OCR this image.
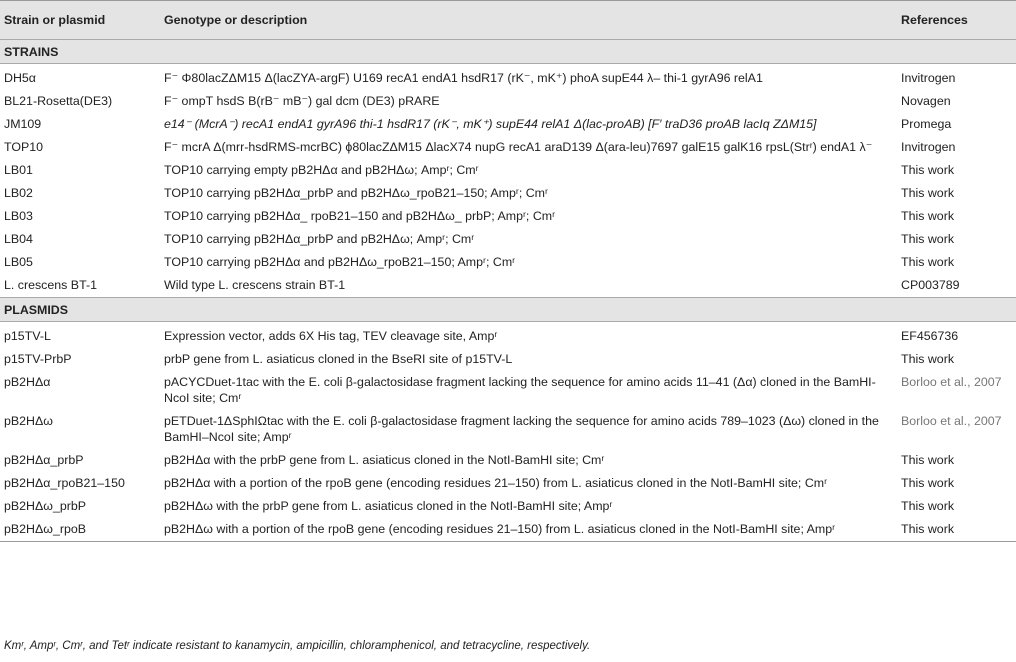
Strain or plasmid	Genotype or description	References
STRAINS		
DH5α	F⁻ Φ80lacZΔM15 Δ(lacZYA-argF) U169 recA1 endA1 hsdR17 (rK⁻, mK⁺) phoA supE44 λ– thi-1 gyrA96 relA1	Invitrogen
BL21-Rosetta(DE3)	F⁻ ompT hsdS B(rB⁻ mB⁻) gal dcm (DE3) pRARE	Novagen
JM109	e14⁻ (McrA⁻) recA1 endA1 gyrA96 thi-1 hsdR17 (rK⁻, mK⁺) supE44 relA1 Δ(lac-proAB) [F′ traD36 proAB lacIq ZΔM15]	Promega
TOP10	F⁻ mcrA Δ(mrr-hsdRMS-mcrBC) ϕ80lacZΔM15 ΔlacX74 nupG recA1 araD139 Δ(ara-leu)7697 galE15 galK16 rpsL(Strʳ) endA1 λ⁻	Invitrogen
LB01	TOP10 carrying empty pB2HΔα and pB2HΔω; Ampʳ; Cmʳ	This work
LB02	TOP10 carrying pB2HΔα_prbP and pB2HΔω_rpoB21–150; Ampʳ; Cmʳ	This work
LB03	TOP10 carrying pB2HΔα_ rpoB21–150 and pB2HΔω_ prbP; Ampʳ; Cmʳ	This work
LB04	TOP10 carrying pB2HΔα_prbP and pB2HΔω; Ampʳ; Cmʳ	This work
LB05	TOP10 carrying pB2HΔα and pB2HΔω_rpoB21–150; Ampʳ; Cmʳ	This work
L. crescens BT-1	Wild type L. crescens strain BT-1	CP003789
PLASMIDS		
p15TV-L	Expression vector, adds 6X His tag, TEV cleavage site, Ampʳ	EF456736
p15TV-PrbP	prbP gene from L. asiaticus cloned in the BseRI site of p15TV-L	This work
pB2HΔα	pACYCDuet-1tac with the E. coli β-galactosidase fragment lacking the sequence for amino acids 11–41 (Δα) cloned in the BamHI-NcoI site; Cmʳ	Borloo et al., 2007
pB2HΔω	pETDuet-1ΔSphIΩtac with the E. coli β-galactosidase fragment lacking the sequence for amino acids 789–1023 (Δω) cloned in the BamHI–NcoI site; Ampʳ	Borloo et al., 2007
pB2HΔα_prbP	pB2HΔα with the prbP gene from L. asiaticus cloned in the NotI-BamHI site; Cmʳ	This work
pB2HΔα_rpoB21–150	pB2HΔα with a portion of the rpoB gene (encoding residues 21–150) from L. asiaticus cloned in the NotI-BamHI site; Cmʳ	This work
pB2HΔω_prbP	pB2HΔω with the prbP gene from L. asiaticus cloned in the NotI-BamHI site; Ampʳ	This work
pB2HΔω_rpoB	pB2HΔω with a portion of the rpoB gene (encoding residues 21–150) from L. asiaticus cloned in the NotI-BamHI site; Ampʳ	This work
Kmʳ, Ampʳ, Cmʳ, and Tetʳ indicate resistant to kanamycin, ampicillin, chloramphenicol, and tetracycline, respectively.
